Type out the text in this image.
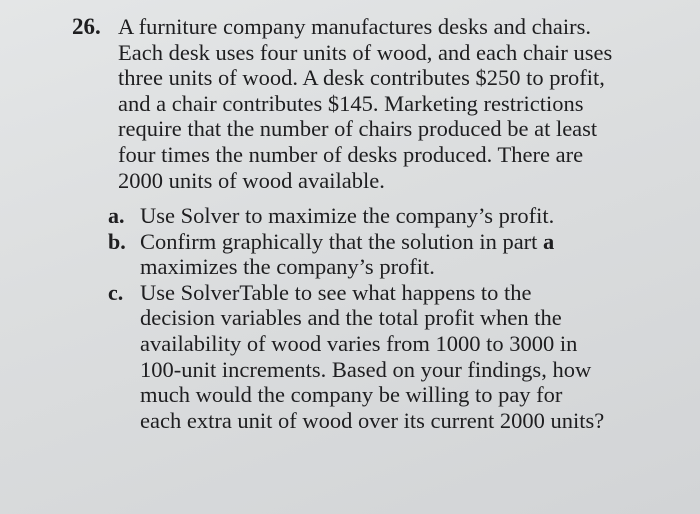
26. A furniture company manufactures desks and chairs.
Each desk uses four units of wood, and each chair uses
three units of wood. A desk contributes $250 to profit,
and a chair contributes $145. Marketing restrictions
require that the number of chairs produced be at least
four times the number of desks produced. There are
2000 units of wood available.
a. Use Solver to maximize the company’s profit.
b. Confirm graphically that the solution in part a
maximizes the company’s profit.
c. Use SolverTable to see what happens to the
decision variables and the total profit when the
availability of wood varies from 1000 to 3000 in
100-unit increments. Based on your findings, how
much would the company be willing to pay for
each extra unit of wood over its current 2000 units?
